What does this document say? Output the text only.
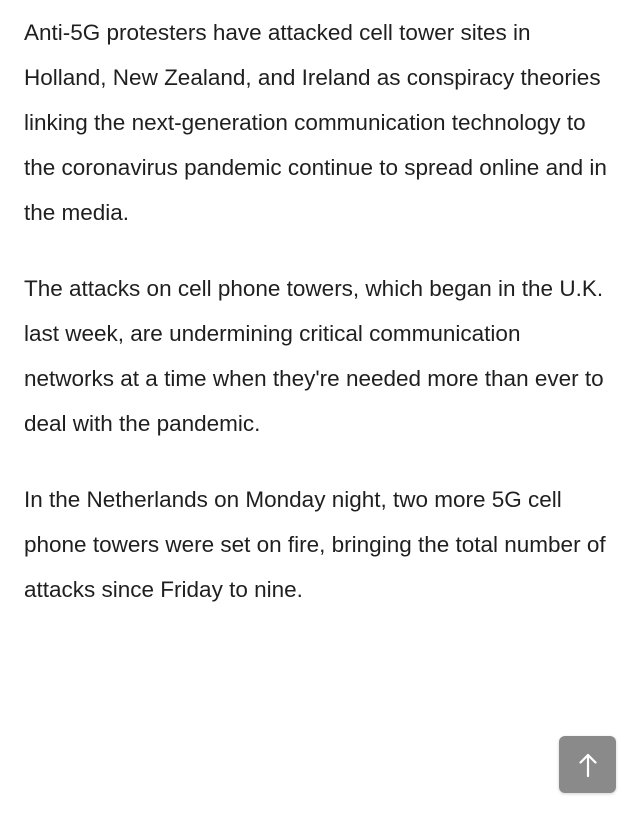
Anti-5G protesters have attacked cell tower sites in Holland, New Zealand, and Ireland as conspiracy theories linking the next-generation communication technology to the coronavirus pandemic continue to spread online and in the media.

The attacks on cell phone towers, which began in the U.K. last week, are undermining critical communication networks at a time when they're needed more than ever to deal with the pandemic.

In the Netherlands on Monday night, two more 5G cell phone towers were set on fire, bringing the total number of attacks since Friday to nine.
